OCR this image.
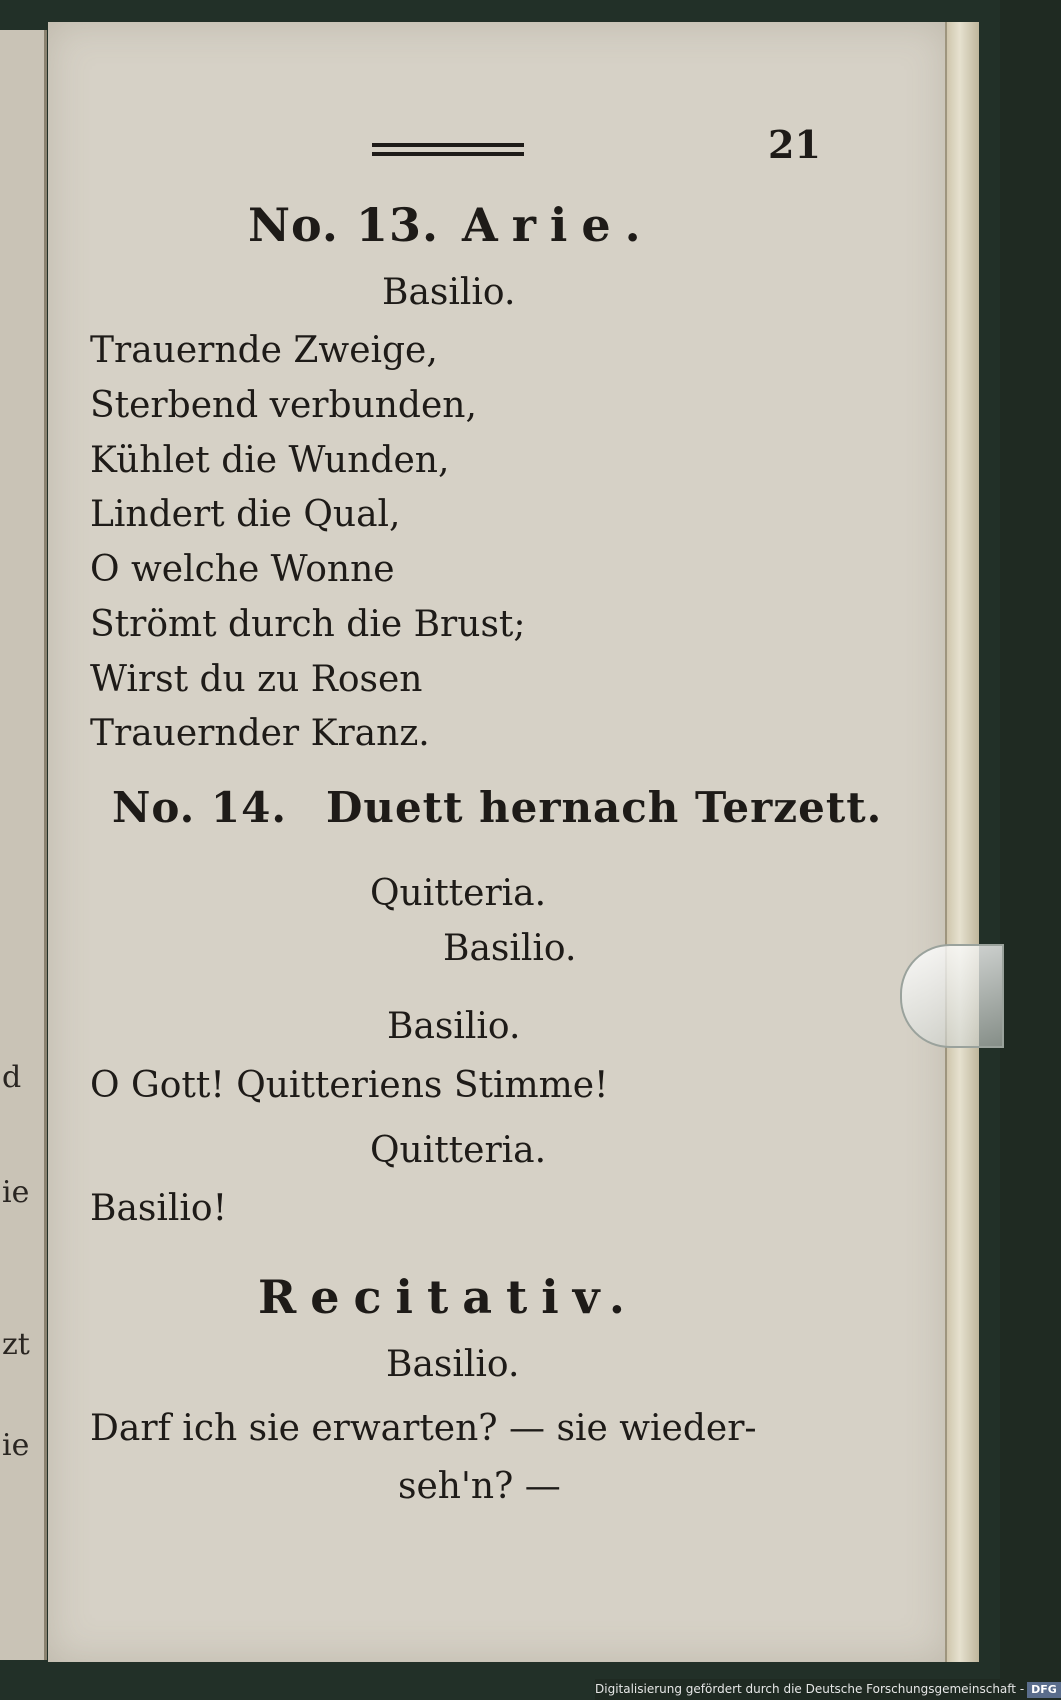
d
ie
zt
ie
21
No. 13. Arie.
Basilio.
Trauernde Zweige,
Sterbend verbunden,
Kühlet die Wunden,
Lindert die Qual,
O welche Wonne
Strömt durch die Brust;
Wirst du zu Rosen
Trauernder Kranz.
No. 14. Duett hernach Terzett.
Quitteria.
Basilio.
Basilio.
O Gott! Quitteriens Stimme!
Quitteria.
Basilio!
Recitativ.
Basilio.
Darf ich sie erwarten? — sie wieder-
seh'n? —
Digitalisierung gefördert durch die Deutsche Forschungsgemeinschaft - DFG
